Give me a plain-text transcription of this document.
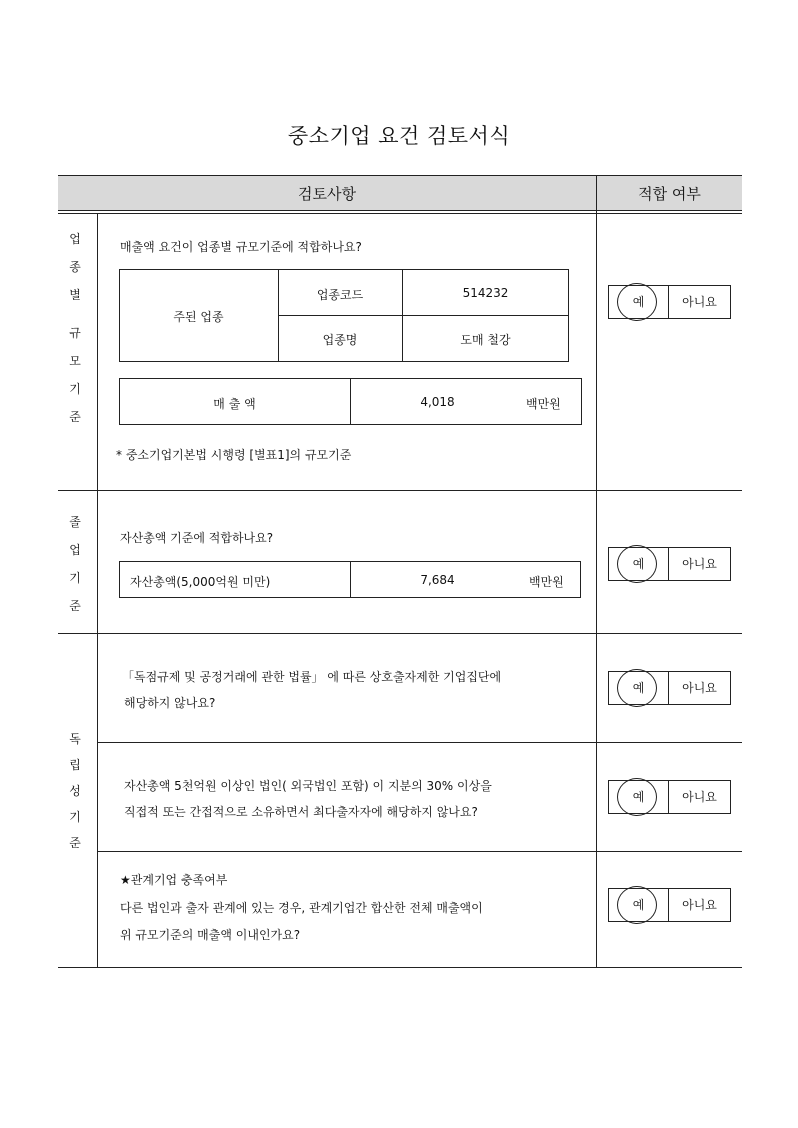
중소기업 요건 검토서식
검토사항	적합 여부
업
종
별
규
모
기
준
매출액 요건이 업종별 규모기준에 적합하나요?
주된 업종
업종코드	514232
업종명	도매 철강
매 출 액	4,018	백만원
* 중소기업기본법 시행령 [별표1]의 규모기준
예	아니요
졸
업
기
준
자산총액 기준에 적합하나요?
자산총액(5,000억원 미만)	7,684	백만원
예	아니요
독
립
성
기
준
「독점규제 및 공정거래에 관한 법률」 에 따른 상호출자제한 기업집단에
해당하지 않나요?
예	아니요
자산총액 5천억원 이상인 법인( 외국법인 포함) 이 지분의 30% 이상을
직접적 또는 간접적으로 소유하면서 최다출자자에 해당하지 않나요?
예	아니요
★관계기업 충족여부
다른 법인과 출자 관계에 있는 경우, 관계기업간 합산한 전체 매출액이
위 규모기준의 매출액 이내인가요?
예	아니요
